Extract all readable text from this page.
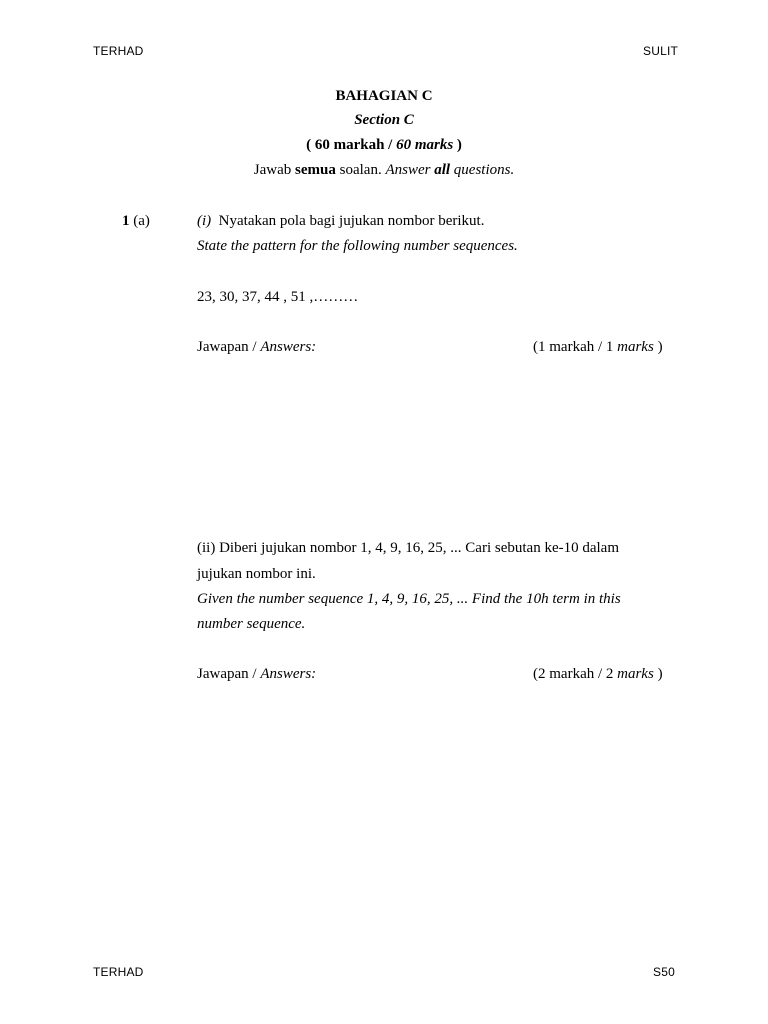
TERHAD	SULIT
BAHAGIAN C
Section C
( 60 markah / 60 marks )
Jawab semua soalan. Answer all questions.
1 (a)	(i) Nyatakan pola bagi jujukan nombor berikut.
State the pattern for the following number sequences.
23, 30, 37, 44 , 51 ,………
Jawapan / Answers:	(1 markah / 1 marks )
(ii) Diberi jujukan nombor 1, 4, 9, 16, 25, ... Cari sebutan ke-10 dalam
jujukan nombor ini.
Given the number sequence 1, 4, 9, 16, 25, ... Find the 10h term in this
number sequence.
Jawapan / Answers:	(2 markah / 2 marks )
TERHAD	S50
